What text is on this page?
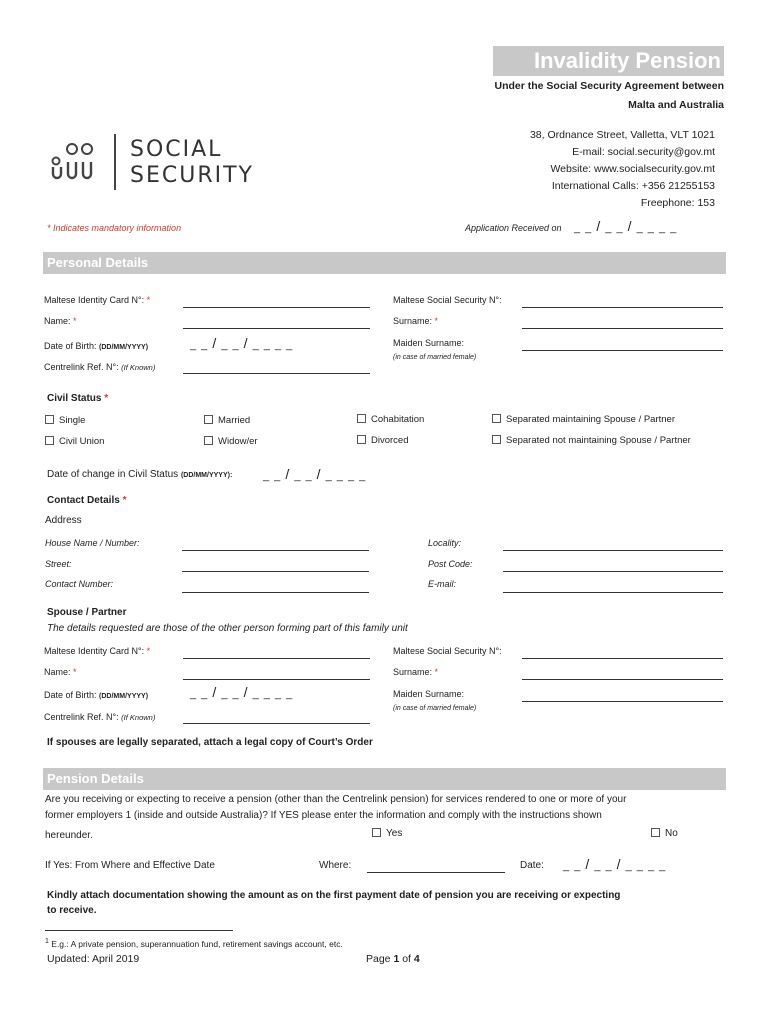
Invalidity Pension
Under the Social Security Agreement between
Malta and Australia
SOCIAL
SECURITY
38, Ordnance Street, Valletta, VLT 1021
E-mail: social.security@gov.mt
Website: www.socialsecurity.gov.mt
International Calls: +356 21255153
Freephone: 153
* Indicates mandatory information	Application Received on _ _ / _ _ / _ _ _ _
Personal Details
Maltese Identity Card N°: *	Maltese Social Security N°:
Name: *	Surname: *
Date of Birth: (DD/MM/YYYY)	_ _ / _ _ / _ _ _ _	Maiden Surname:
(in case of married female)
Centrelink Ref. N°: (If Known)
Civil Status *
Single	Married	Cohabitation	Separated maintaining Spouse / Partner
Civil Union	Widow/er	Divorced	Separated not maintaining Spouse / Partner
Date of change in Civil Status (DD/MM/YYYY):	_ _ / _ _ / _ _ _ _
Contact Details *
Address
House Name / Number:	Locality:
Street:	Post Code:
Contact Number:	E-mail:
Spouse / Partner
The details requested are those of the other person forming part of this family unit
Maltese Identity Card N°: *	Maltese Social Security N°:
Name: *	Surname: *
Date of Birth: (DD/MM/YYYY)	_ _ / _ _ / _ _ _ _	Maiden Surname:
(in case of married female)
Centrelink Ref. N°: (If Known)
If spouses are legally separated, attach a legal copy of Court’s Order
Pension Details
Are you receiving or expecting to receive a pension (other than the Centrelink pension) for services rendered to one or more of your
former employers 1 (inside and outside Australia)? If YES please enter the information and comply with the instructions shown
hereunder.	Yes	No
If Yes: From Where and Effective Date	Where:	Date: _ _ / _ _ / _ _ _ _
Kindly attach documentation showing the amount as on the first payment date of pension you are receiving or expecting
to receive.
$^1$ E.g.: A private pension, superannuation fund, retirement savings account, etc.
Updated: April 2019	Page 1 of 4
